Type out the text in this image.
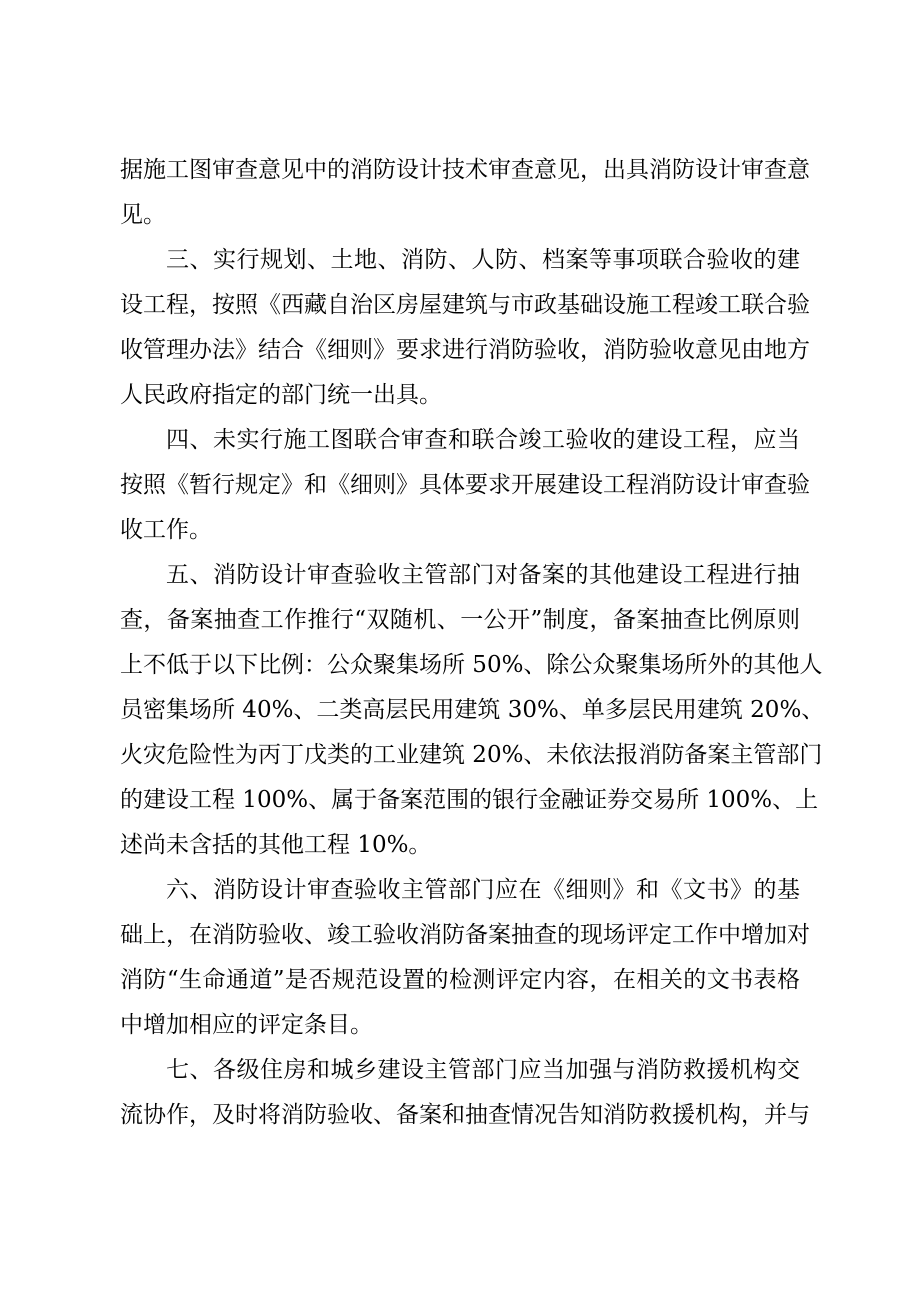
据施工图审查意见中的消防设计技术审查意见，出具消防设计审查意
见。
三、实行规划、土地、消防、人防、档案等事项联合验收的建
设工程，按照《西藏自治区房屋建筑与市政基础设施工程竣工联合验
收管理办法》结合《细则》要求进行消防验收，消防验收意见由地方
人民政府指定的部门统一出具。
四、未实行施工图联合审查和联合竣工验收的建设工程，应当
按照《暂行规定》和《细则》具体要求开展建设工程消防设计审查验
收工作。
五、消防设计审查验收主管部门对备案的其他建设工程进行抽
查，备案抽查工作推行“双随机、一公开”制度，备案抽查比例原则
上不低于以下比例：公众聚集场所 50%、除公众聚集场所外的其他人
员密集场所 40%、二类高层民用建筑 30%、单多层民用建筑 20%、
火灾危险性为丙丁戊类的工业建筑 20%、未依法报消防备案主管部门
的建设工程 100%、属于备案范围的银行金融证券交易所 100%、上
述尚未含括的其他工程 10%。
六、消防设计审查验收主管部门应在《细则》和《文书》的基
础上，在消防验收、竣工验收消防备案抽查的现场评定工作中增加对
消防“生命通道”是否规范设置的检测评定内容，在相关的文书表格
中增加相应的评定条目。
七、各级住房和城乡建设主管部门应当加强与消防救援机构交
流协作，及时将消防验收、备案和抽查情况告知消防救援机构，并与
